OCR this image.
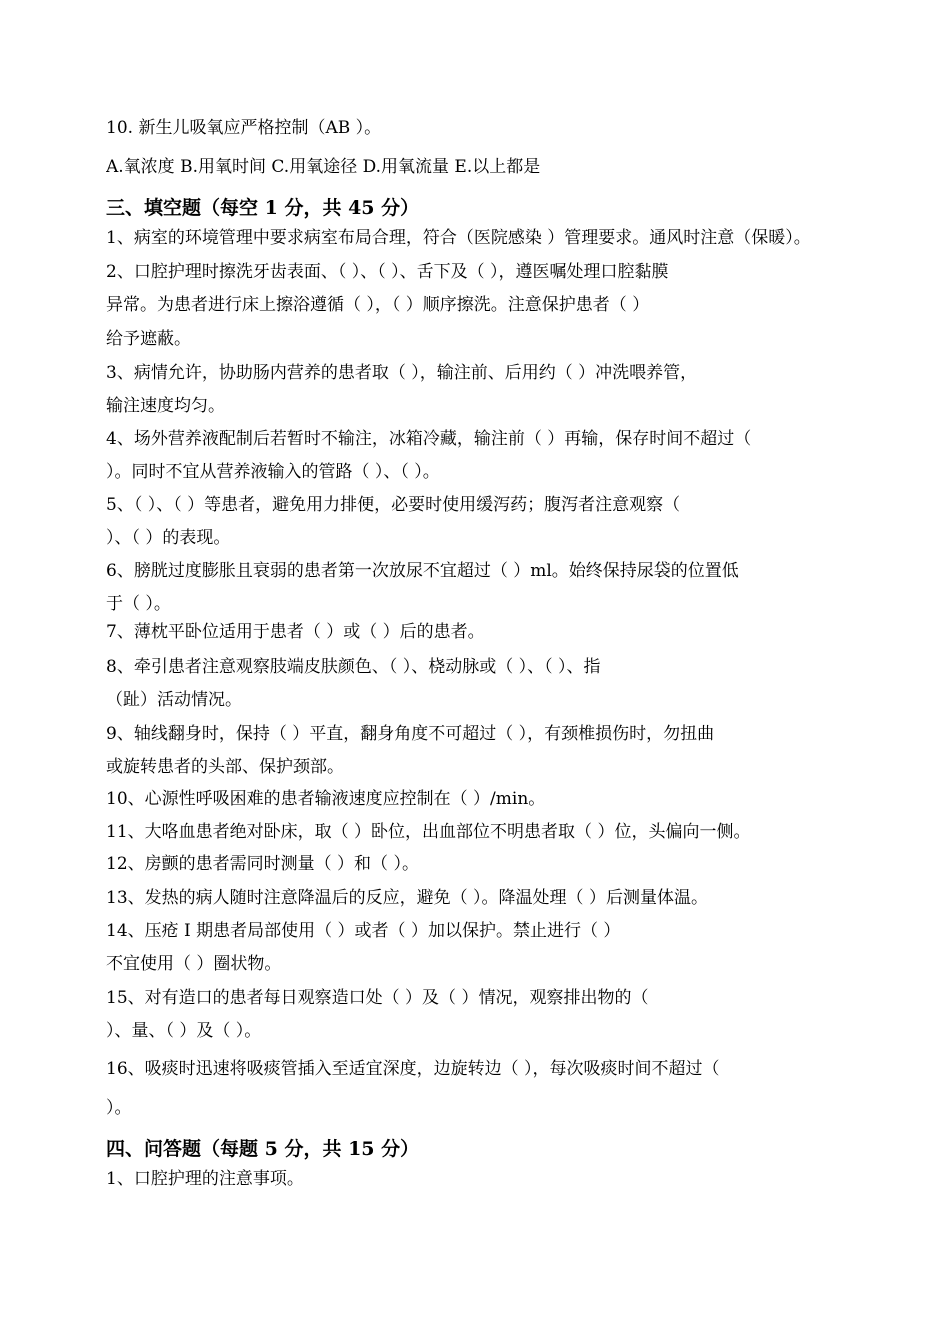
10. 新生儿吸氧应严格控制（AB ）。
A.氧浓度 B.用氧时间 C.用氧途径 D.用氧流量 E.以上都是
三、填空题（每空 1 分，共 45 分）
1、病室的环境管理中要求病室布局合理，符合（医院感染 ）管理要求。通风时注意（保暖）。
2、口腔护理时擦洗牙齿表面、（ ）、（ ）、舌下及（ ），遵医嘱处理口腔黏膜
异常。为患者进行床上擦浴遵循（ ），（ ）顺序擦洗。注意保护患者（ ）
给予遮蔽。
3、病情允许，协助肠内营养的患者取（ ），输注前、后用约（ ）冲洗喂养管，
输注速度均匀。
4、场外营养液配制后若暂时不输注，冰箱冷藏，输注前（ ）再输，保存时间不超过（
）。同时不宜从营养液输入的管路（ ）、（ ）。
5、（ ）、（ ）等患者，避免用力排便，必要时使用缓泻药；腹泻者注意观察（
）、（ ）的表现。
6、膀胱过度膨胀且衰弱的患者第一次放尿不宜超过（ ）ml。始终保持尿袋的位置低
于（ ）。
7、薄枕平卧位适用于患者（ ）或（ ）后的患者。
8、牵引患者注意观察肢端皮肤颜色、（ ）、桡动脉或（ ）、（ ）、指
（趾）活动情况。
9、轴线翻身时，保持（ ）平直，翻身角度不可超过（ ），有颈椎损伤时，勿扭曲
或旋转患者的头部、保护颈部。
10、心源性呼吸困难的患者输液速度应控制在（ ）/min。
11、大咯血患者绝对卧床，取（ ）卧位，出血部位不明患者取（ ）位，头偏向一侧。
12、房颤的患者需同时测量（ ）和（ ）。
13、发热的病人随时注意降温后的反应，避免（ ）。降温处理（ ）后测量体温。
14、压疮 I 期患者局部使用（ ）或者（ ）加以保护。禁止进行（ ）
不宜使用（ ）圈状物。
15、对有造口的患者每日观察造口处（ ）及（ ）情况，观察排出物的（
）、量、（ ）及（ ）。
16、吸痰时迅速将吸痰管插入至适宜深度，边旋转边（ ），每次吸痰时间不超过（
）。
四、问答题（每题 5 分，共 15 分）
1、口腔护理的注意事项。
